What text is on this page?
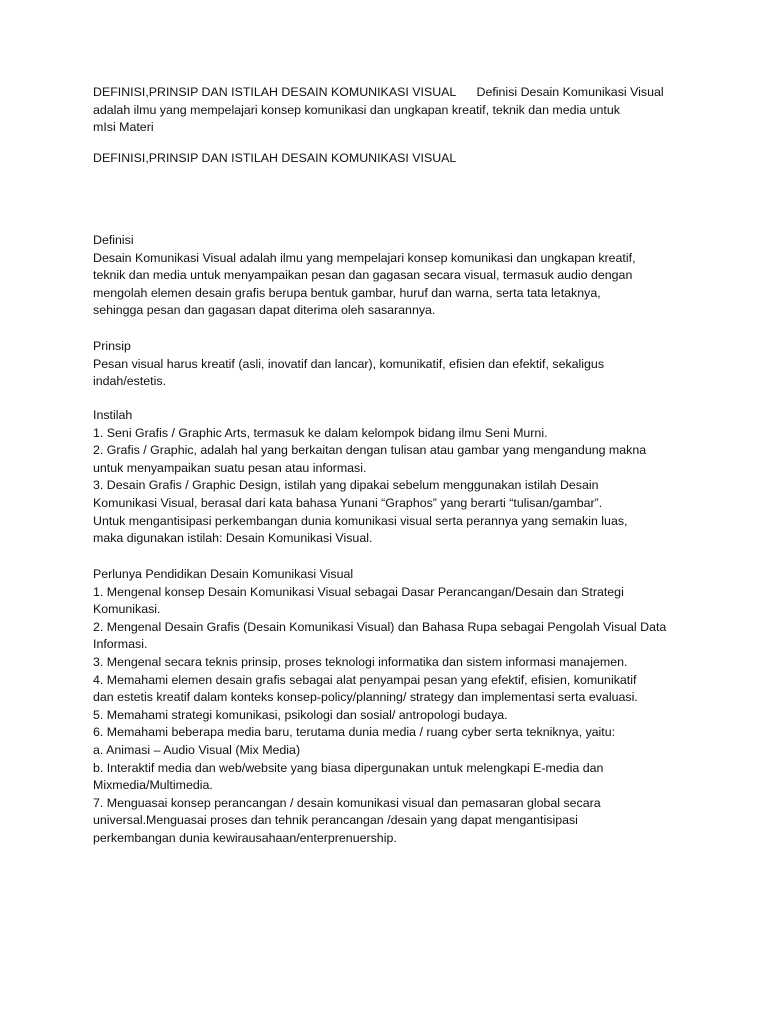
DEFINISI,PRINSIP DAN ISTILAH DESAIN KOMUNIKASI VISUAL      Definisi Desain Komunikasi Visual
adalah ilmu yang mempelajari konsep komunikasi dan ungkapan kreatif, teknik dan media untuk
mIsi Materi
DEFINISI,PRINSIP DAN ISTILAH DESAIN KOMUNIKASI VISUAL

Definisi

Desain Komunikasi Visual adalah ilmu yang mempelajari konsep komunikasi dan ungkapan kreatif,

teknik dan media untuk menyampaikan pesan dan gagasan secara visual, termasuk audio dengan

mengolah elemen desain grafis berupa bentuk gambar, huruf dan warna, serta tata letaknya,

sehingga pesan dan gagasan dapat diterima oleh sasarannya.

Prinsip

Pesan visual harus kreatif (asli, inovatif dan lancar), komunikatif, efisien dan efektif, sekaligus

indah/estetis.

Instilah

1. Seni Grafis / Graphic Arts, termasuk ke dalam kelompok bidang ilmu Seni Murni.

2. Grafis / Graphic, adalah hal yang berkaitan dengan tulisan atau gambar yang mengandung makna

untuk menyampaikan suatu pesan atau informasi.

3. Desain Grafis / Graphic Design, istilah yang dipakai sebelum menggunakan istilah Desain

Komunikasi Visual, berasal dari kata bahasa Yunani “Graphos” yang berarti “tulisan/gambar”.

Untuk mengantisipasi perkembangan dunia komunikasi visual serta perannya yang semakin luas,

maka digunakan istilah: Desain Komunikasi Visual.

Perlunya Pendidikan Desain Komunikasi Visual

1. Mengenal konsep Desain Komunikasi Visual sebagai Dasar Perancangan/Desain dan Strategi

Komunikasi.

2. Mengenal Desain Grafis (Desain Komunikasi Visual) dan Bahasa Rupa sebagai Pengolah Visual Data

Informasi.

3. Mengenal secara teknis prinsip, proses teknologi informatika dan sistem informasi manajemen.

4. Memahami elemen desain grafis sebagai alat penyampai pesan yang efektif, efisien, komunikatif

dan estetis kreatif dalam konteks konsep-policy/planning/ strategy dan implementasi serta evaluasi.

5. Memahami strategi komunikasi, psikologi dan sosial/ antropologi budaya.

6. Memahami beberapa media baru, terutama dunia media / ruang cyber serta tekniknya, yaitu:

a. Animasi – Audio Visual (Mix Media)

b. Interaktif media dan web/website yang biasa dipergunakan untuk melengkapi E-media dan

Mixmedia/Multimedia.

7. Menguasai konsep perancangan / desain komunikasi visual dan pemasaran global secara

universal.Menguasai proses dan tehnik perancangan /desain yang dapat mengantisipasi

perkembangan dunia kewirausahaan/enterprenuership.
